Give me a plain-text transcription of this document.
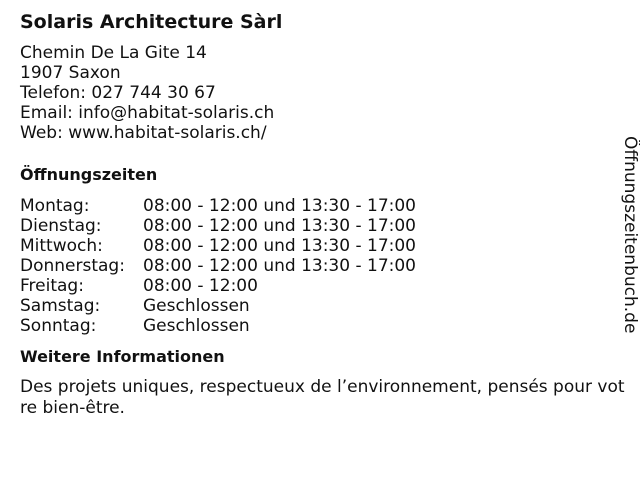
Solaris Architecture Sàrl
Chemin De La Gite 14
1907 Saxon
Telefon: 027 744 30 67
Email: info@habitat-solaris.ch
Web: www.habitat-solaris.ch/
Öffnungszeiten
Montag:	08:00 - 12:00 und 13:30 - 17:00
Dienstag:	08:00 - 12:00 und 13:30 - 17:00
Mittwoch:	08:00 - 12:00 und 13:30 - 17:00
Donnerstag:	08:00 - 12:00 und 13:30 - 17:00
Freitag:	08:00 - 12:00
Samstag:	Geschlossen
Sonntag:	Geschlossen
Weitere Informationen
Des projets uniques, respectueux de l’environnement, pensés pour votre bien-être.
Öffnungszeitenbuch.de
